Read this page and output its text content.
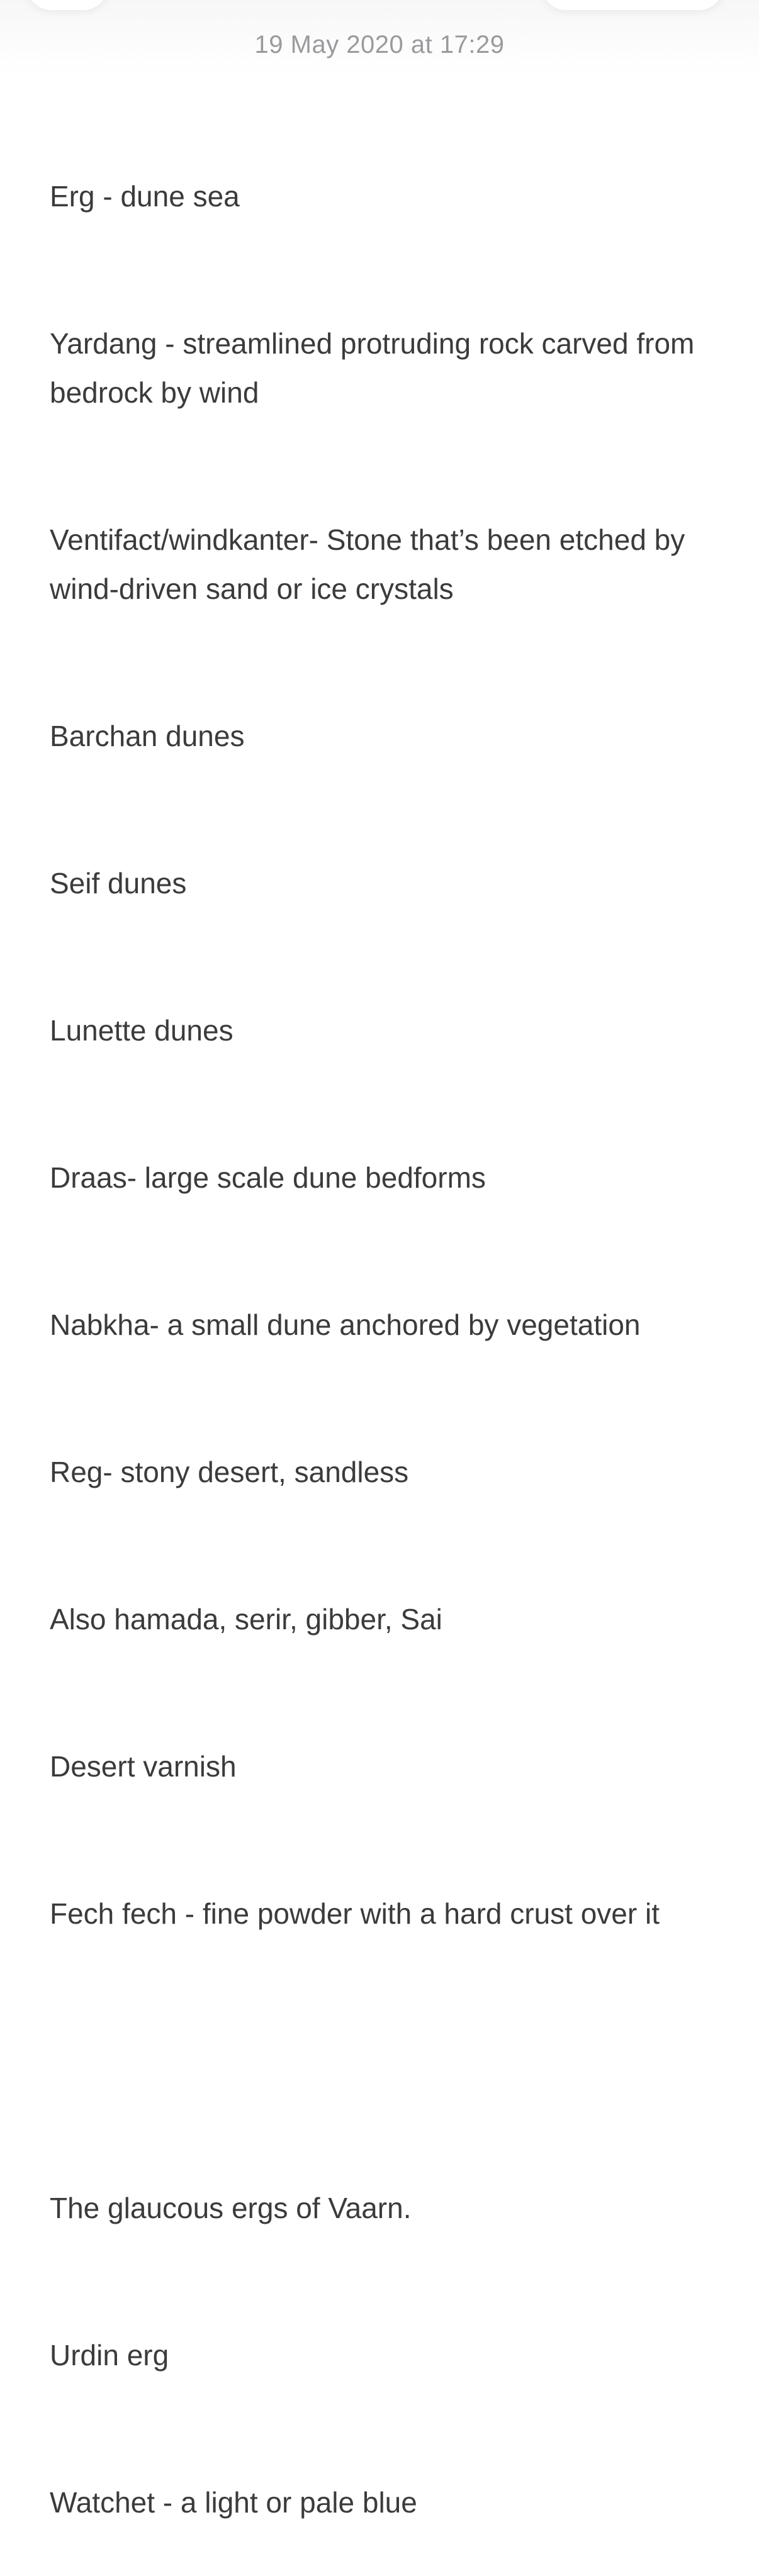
19 May 2020 at 17:29

Erg - dune sea

Yardang - streamlined protruding rock carved from bedrock by wind

Ventifact/windkanter- Stone that’s been etched by wind-driven sand or ice crystals

Barchan dunes

Seif dunes

Lunette dunes

Draas- large scale dune bedforms

Nabkha- a small dune anchored by vegetation

Reg- stony desert, sandless

Also hamada, serir, gibber, Sai

Desert varnish

Fech fech - fine powder with a hard crust over it

The glaucous ergs of Vaarn.

Urdin erg

Watchet - a light or pale blue
